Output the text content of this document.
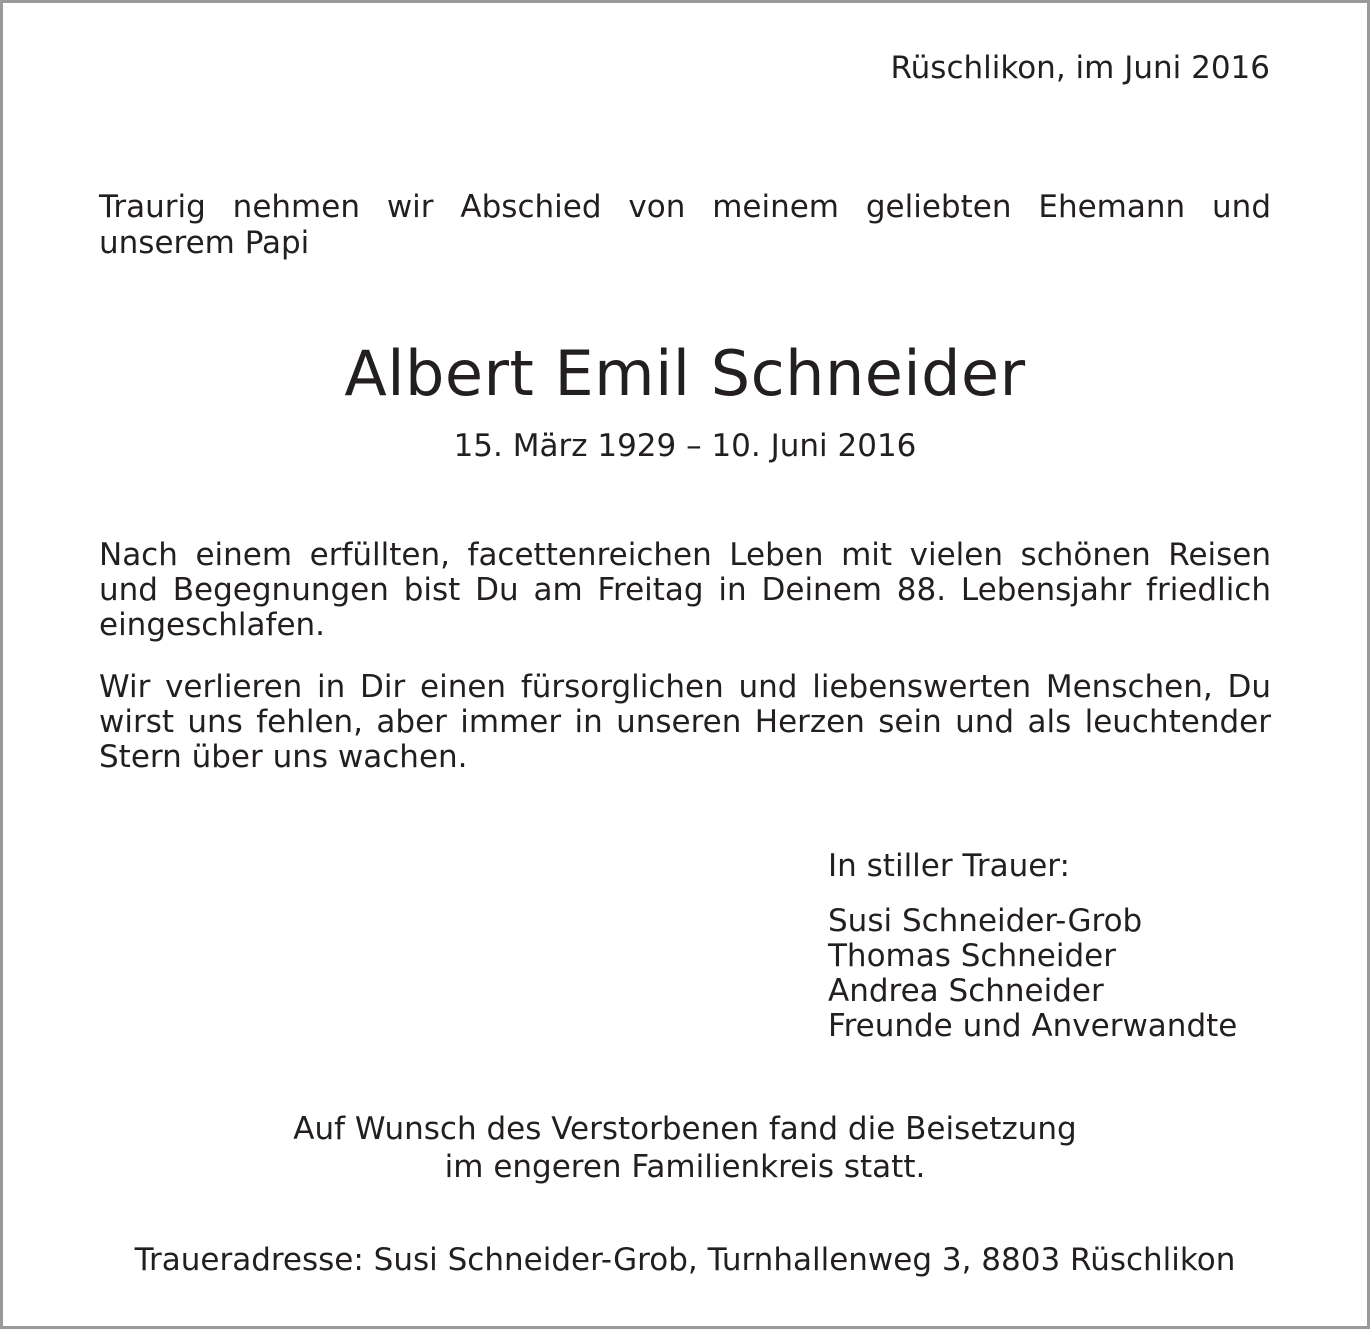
Rüschlikon, im Juni 2016

Traurig nehmen wir Abschied von meinem geliebten Ehemann und unserem Papi

Albert Emil Schneider

15. März 1929 – 10. Juni 2016

Nach einem erfüllten, facettenreichen Leben mit vielen schönen Reisen und Begegnungen bist Du am Freitag in Deinem 88. Lebensjahr friedlich eingeschlafen.

Wir verlieren in Dir einen fürsorglichen und liebenswerten Menschen, Du wirst uns fehlen, aber immer in unseren Herzen sein und als leuchtender Stern über uns wachen.

In stiller Trauer:
Susi Schneider-Grob
Thomas Schneider
Andrea Schneider
Freunde und Anverwandte
Auf Wunsch des Verstorbenen fand die Beisetzung
im engeren Familienkreis statt.

Traueradresse: Susi Schneider-Grob, Turnhallenweg 3, 8803 Rüschlikon
